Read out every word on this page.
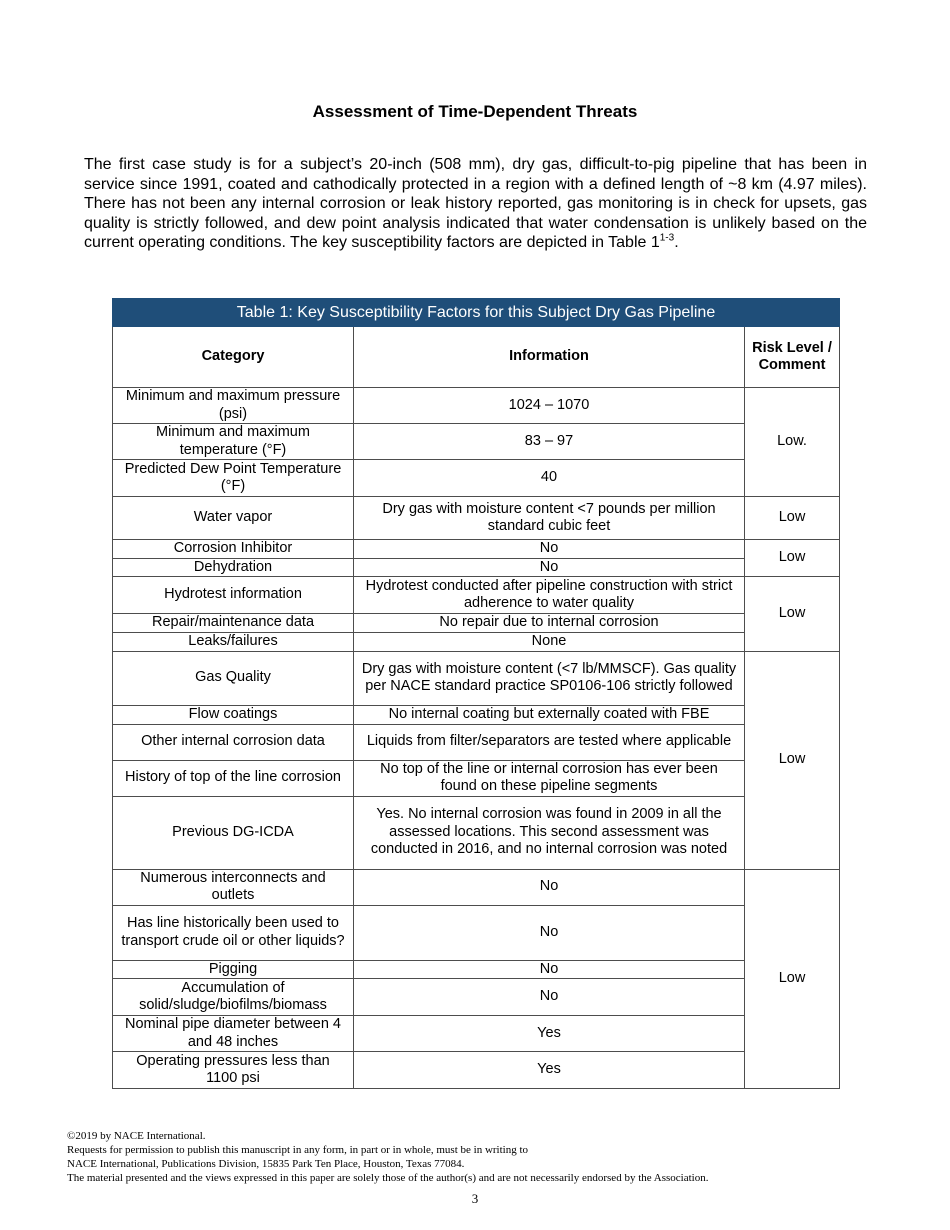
Assessment of Time-Dependent Threats

The first case study is for a subject’s 20-inch (508 mm), dry gas, difficult-to-pig pipeline that has been in service since 1991, coated and cathodically protected in a region with a defined length of ~8 km (4.97 miles). There has not been any internal corrosion or leak history reported, gas monitoring is in check for upsets, gas quality is strictly followed, and dew point analysis indicated that water condensation is unlikely based on the current operating conditions. The key susceptibility factors are depicted in Table 1$^{1-3}$.

Table 1: Key Susceptibility Factors for this Subject Dry Gas Pipeline		
Category	Information	Risk Level / Comment
Minimum and maximum pressure (psi)	1024 – 1070	Low.
Minimum and maximum temperature (°F)	83 – 97	
Predicted Dew Point Temperature (°F)	40	
Water vapor	Dry gas with moisture content <7 pounds per million standard cubic feet	Low
Corrosion Inhibitor	No	Low
Dehydration	No	
Hydrotest information	Hydrotest conducted after pipeline construction with strict adherence to water quality	Low
Repair/maintenance data	No repair due to internal corrosion	
Leaks/failures	None	
Gas Quality	Dry gas with moisture content (<7 lb/MMSCF). Gas quality per NACE standard practice SP0106-106 strictly followed	Low
Flow coatings	No internal coating but externally coated with FBE	
Other internal corrosion data	Liquids from filter/separators are tested where applicable	
History of top of the line corrosion	No top of the line or internal corrosion has ever been found on these pipeline segments	
Previous DG-ICDA	Yes. No internal corrosion was found in 2009 in all the assessed locations. This second assessment was conducted in 2016, and no internal corrosion was noted	
Numerous interconnects and outlets	No	Low
Has line historically been used to transport crude oil or other liquids?	No	
Pigging	No	
Accumulation of solid/sludge/biofilms/biomass	No	
Nominal pipe diameter between 4 and 48 inches	Yes	
Operating pressures less than 1100 psi	Yes	
©2019 by NACE International.
Requests for permission to publish this manuscript in any form, in part or in whole, must be in writing to
NACE International, Publications Division, 15835 Park Ten Place, Houston, Texas 77084.
The material presented and the views expressed in this paper are solely those of the author(s) and are not necessarily endorsed by the Association.
3
